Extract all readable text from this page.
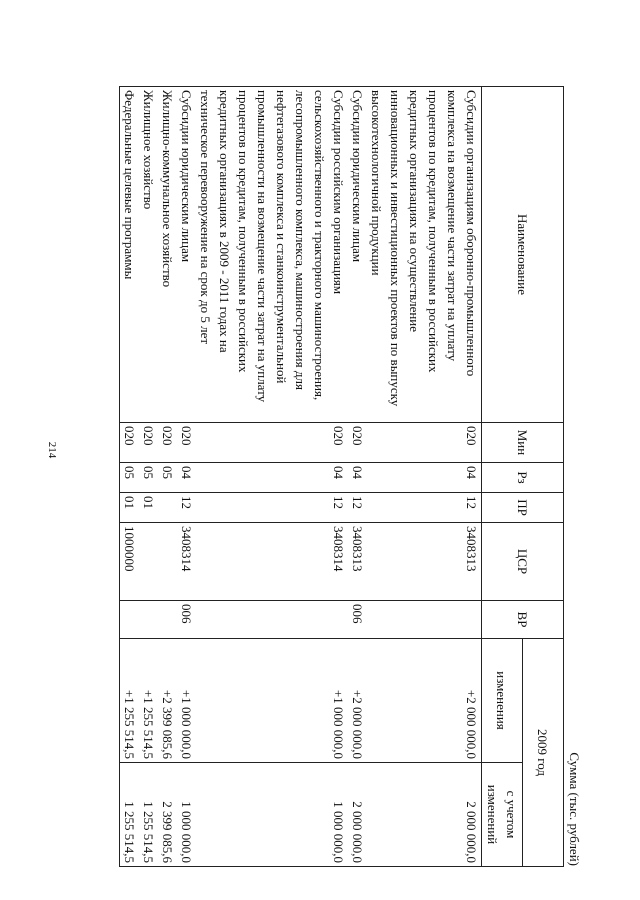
214
Сумма (тыс. рублей)
Наименование	Мин	Рз	ПР	ЦСР	ВР	2009 год	
						изменения	с учетом изменений
Субсидии организациям оборонно-промышленного комплекса на возмещение части затрат на уплату процентов по кредитам, полученным в российских кредитных организациях на осуществление инновационных и инвестиционных проектов по выпуску высокотехнологичной продукции	020	04	12	3408313		+2 000 000,0	2 000 000,0
Субсидии юридическим лицам	020	04	12	3408313	006	+2 000 000,0	2 000 000,0
Субсидии российским организациям сельскохозяйственного и тракторного машиностроения, лесопромышленного комплекса, машиностроения для нефтегазового комплекса и станкоинструментальной промышленности на возмещение части затрат на уплату процентов по кредитам, полученным в российских кредитных организациях в 2009 - 2011 годах на техническое перевооружение на срок до 5 лет	020	04	12	3408314		+1 000 000,0	1 000 000,0
Субсидии юридическим лицам	020	04	12	3408314	006	+1 000 000,0	1 000 000,0
Жилищно-коммунальное хозяйство	020	05				+2 399 085,6	2 399 085,6
Жилищное хозяйство	020	05	01			+1 255 514,5	1 255 514,5
Федеральные целевые программы	020	05	01	1000000		+1 255 514,5	1 255 514,5
